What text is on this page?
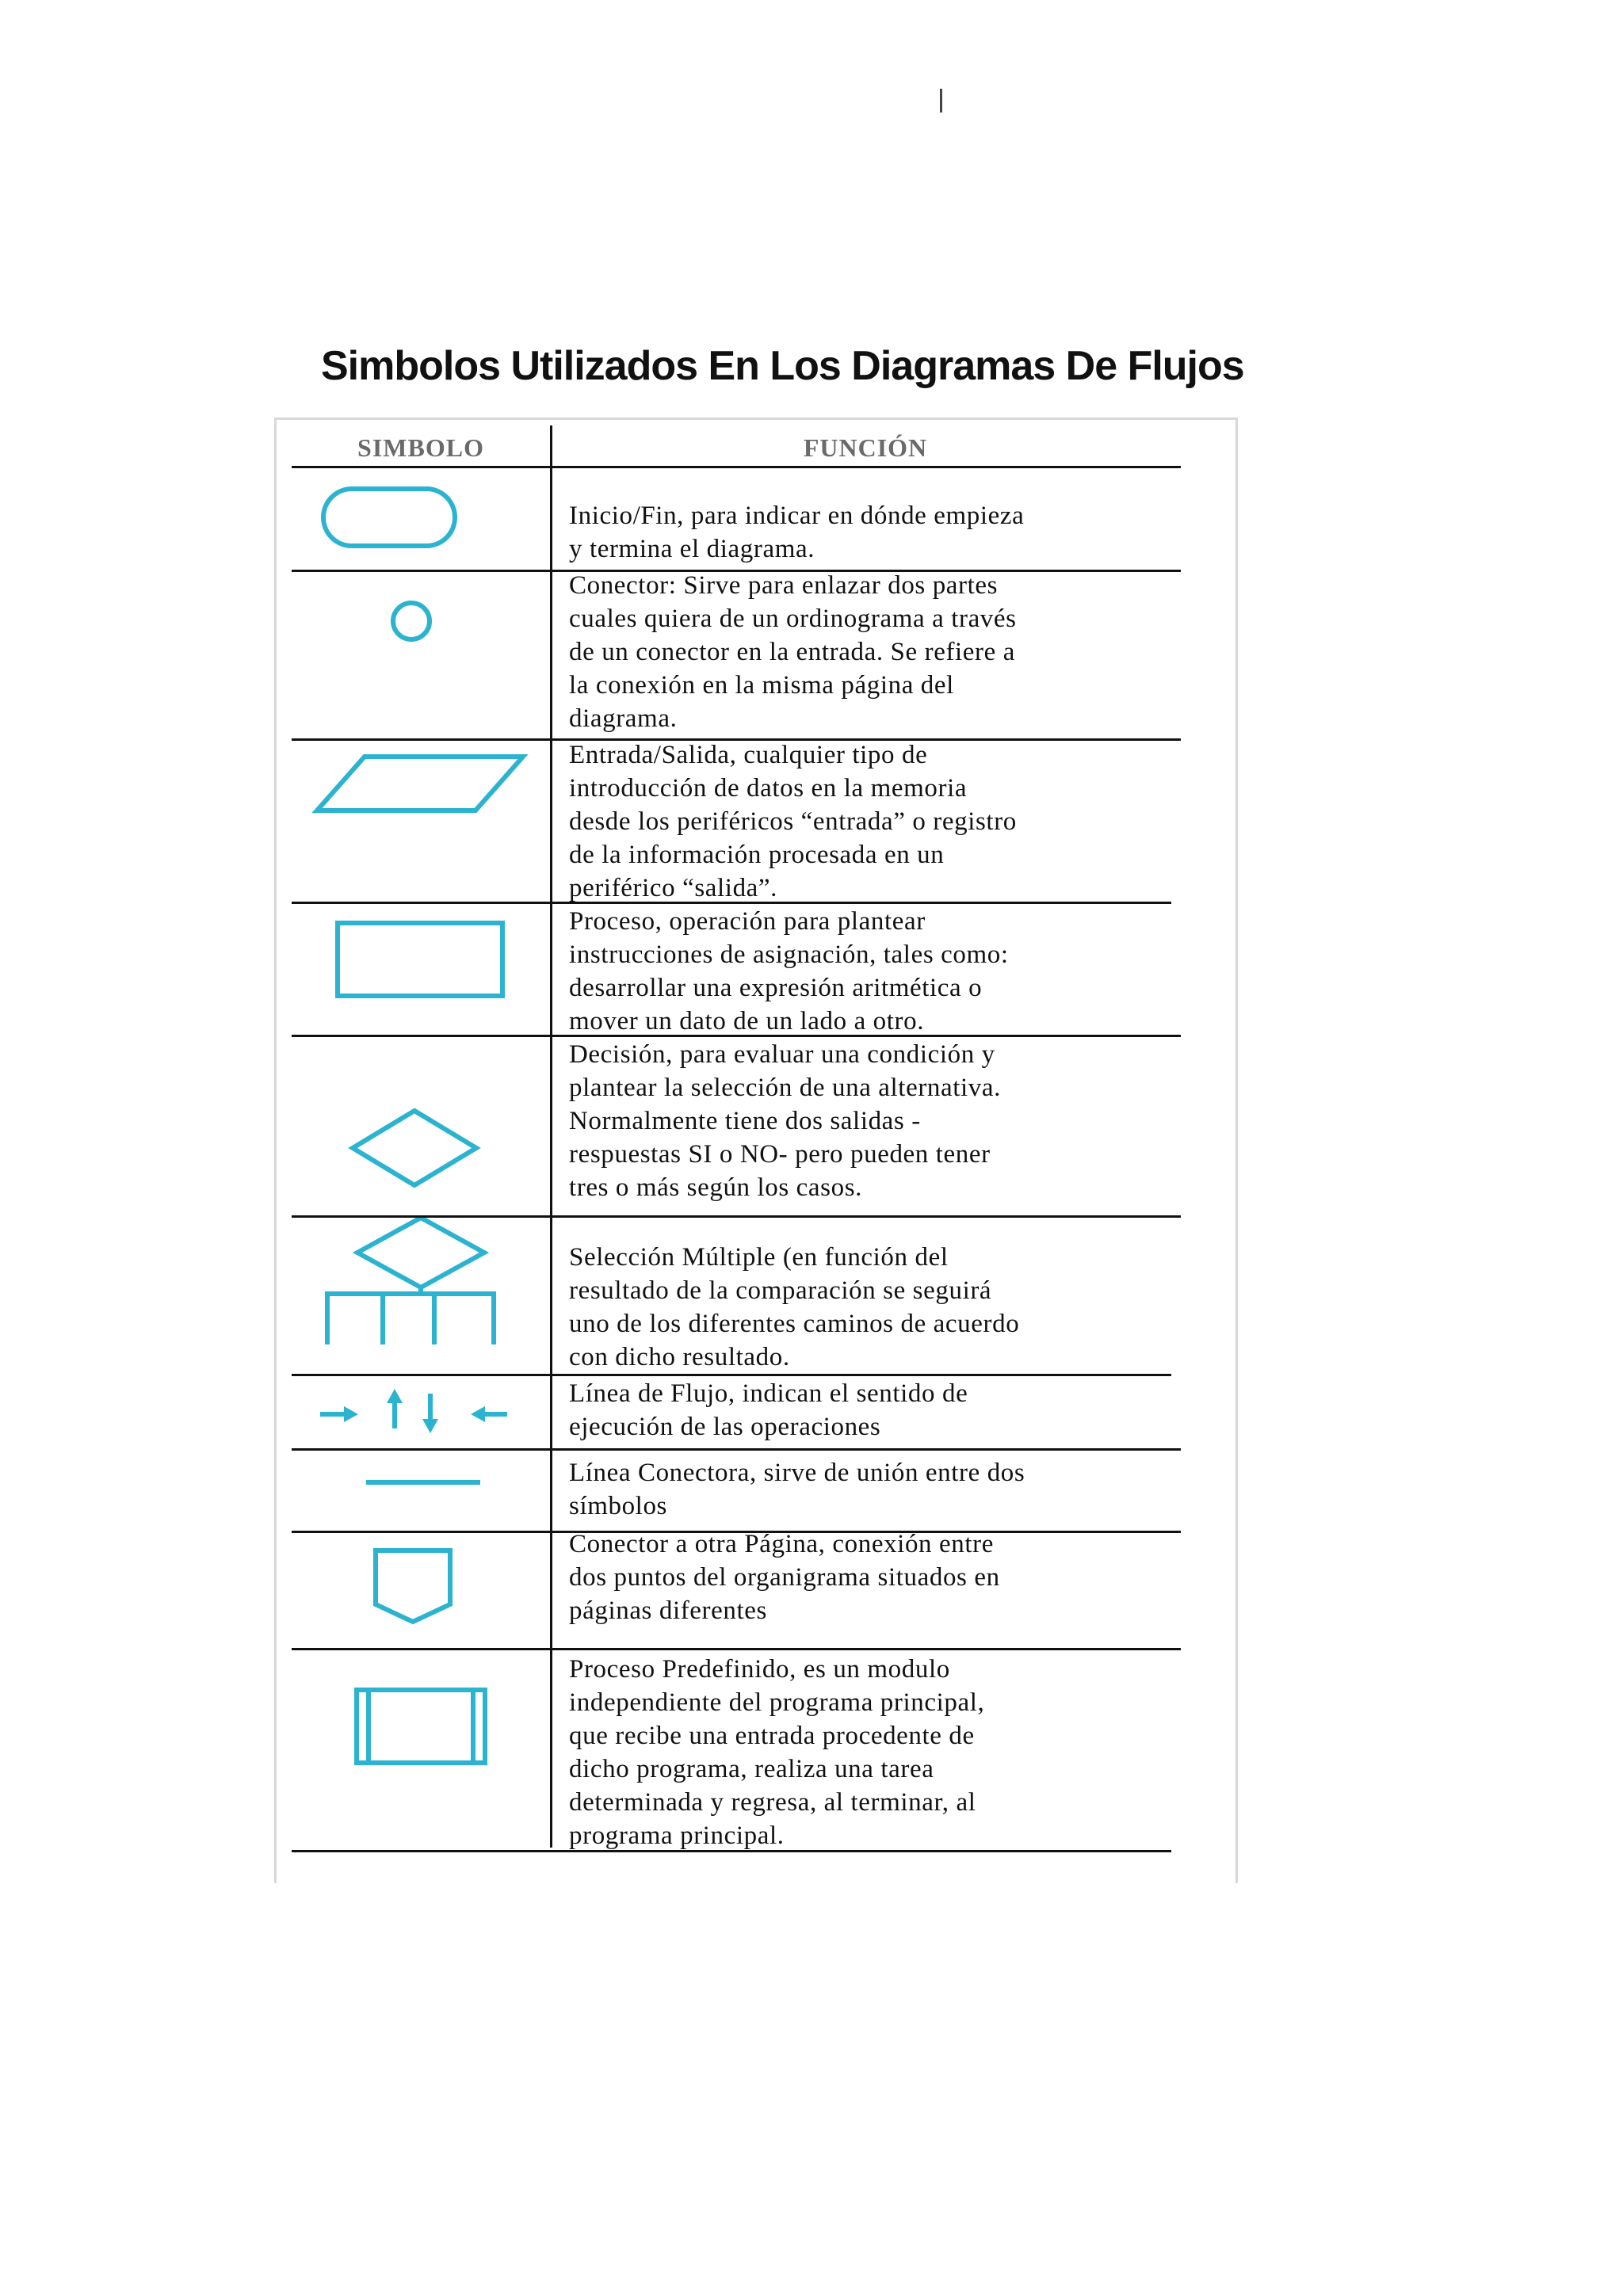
Simbolos Utilizados En Los Diagramas De Flujos
SIMBOLO	FUNCIÓN

Inicio/Fin, para indicar en dónde empieza
y termina el diagrama.

Conector: Sirve para enlazar dos partes
cuales quiera de un ordinograma a través
de un conector en la entrada. Se refiere a
la conexión en la misma página del
diagrama.

Entrada/Salida, cualquier tipo de
introducción de datos en la memoria
desde los periféricos “entrada” o registro
de la información procesada en un
periférico “salida”.

Proceso, operación para plantear
instrucciones de asignación, tales como:
desarrollar una expresión aritmética o
mover un dato de un lado a otro.

Decisión, para evaluar una condición y
plantear la selección de una alternativa.
Normalmente tiene dos salidas -
respuestas SI o NO- pero pueden tener
tres o más según los casos.

Selección Múltiple (en función del
resultado de la comparación se seguirá
uno de los diferentes caminos de acuerdo
con dicho resultado.

Línea de Flujo, indican el sentido de
ejecución de las operaciones

Línea Conectora, sirve de unión entre dos
símbolos

Conector a otra Página, conexión entre
dos puntos del organigrama situados en
páginas diferentes

Proceso Predefinido, es un modulo
independiente del programa principal,
que recibe una entrada procedente de
dicho programa, realiza una tarea
determinada y regresa, al terminar, al
programa principal.
